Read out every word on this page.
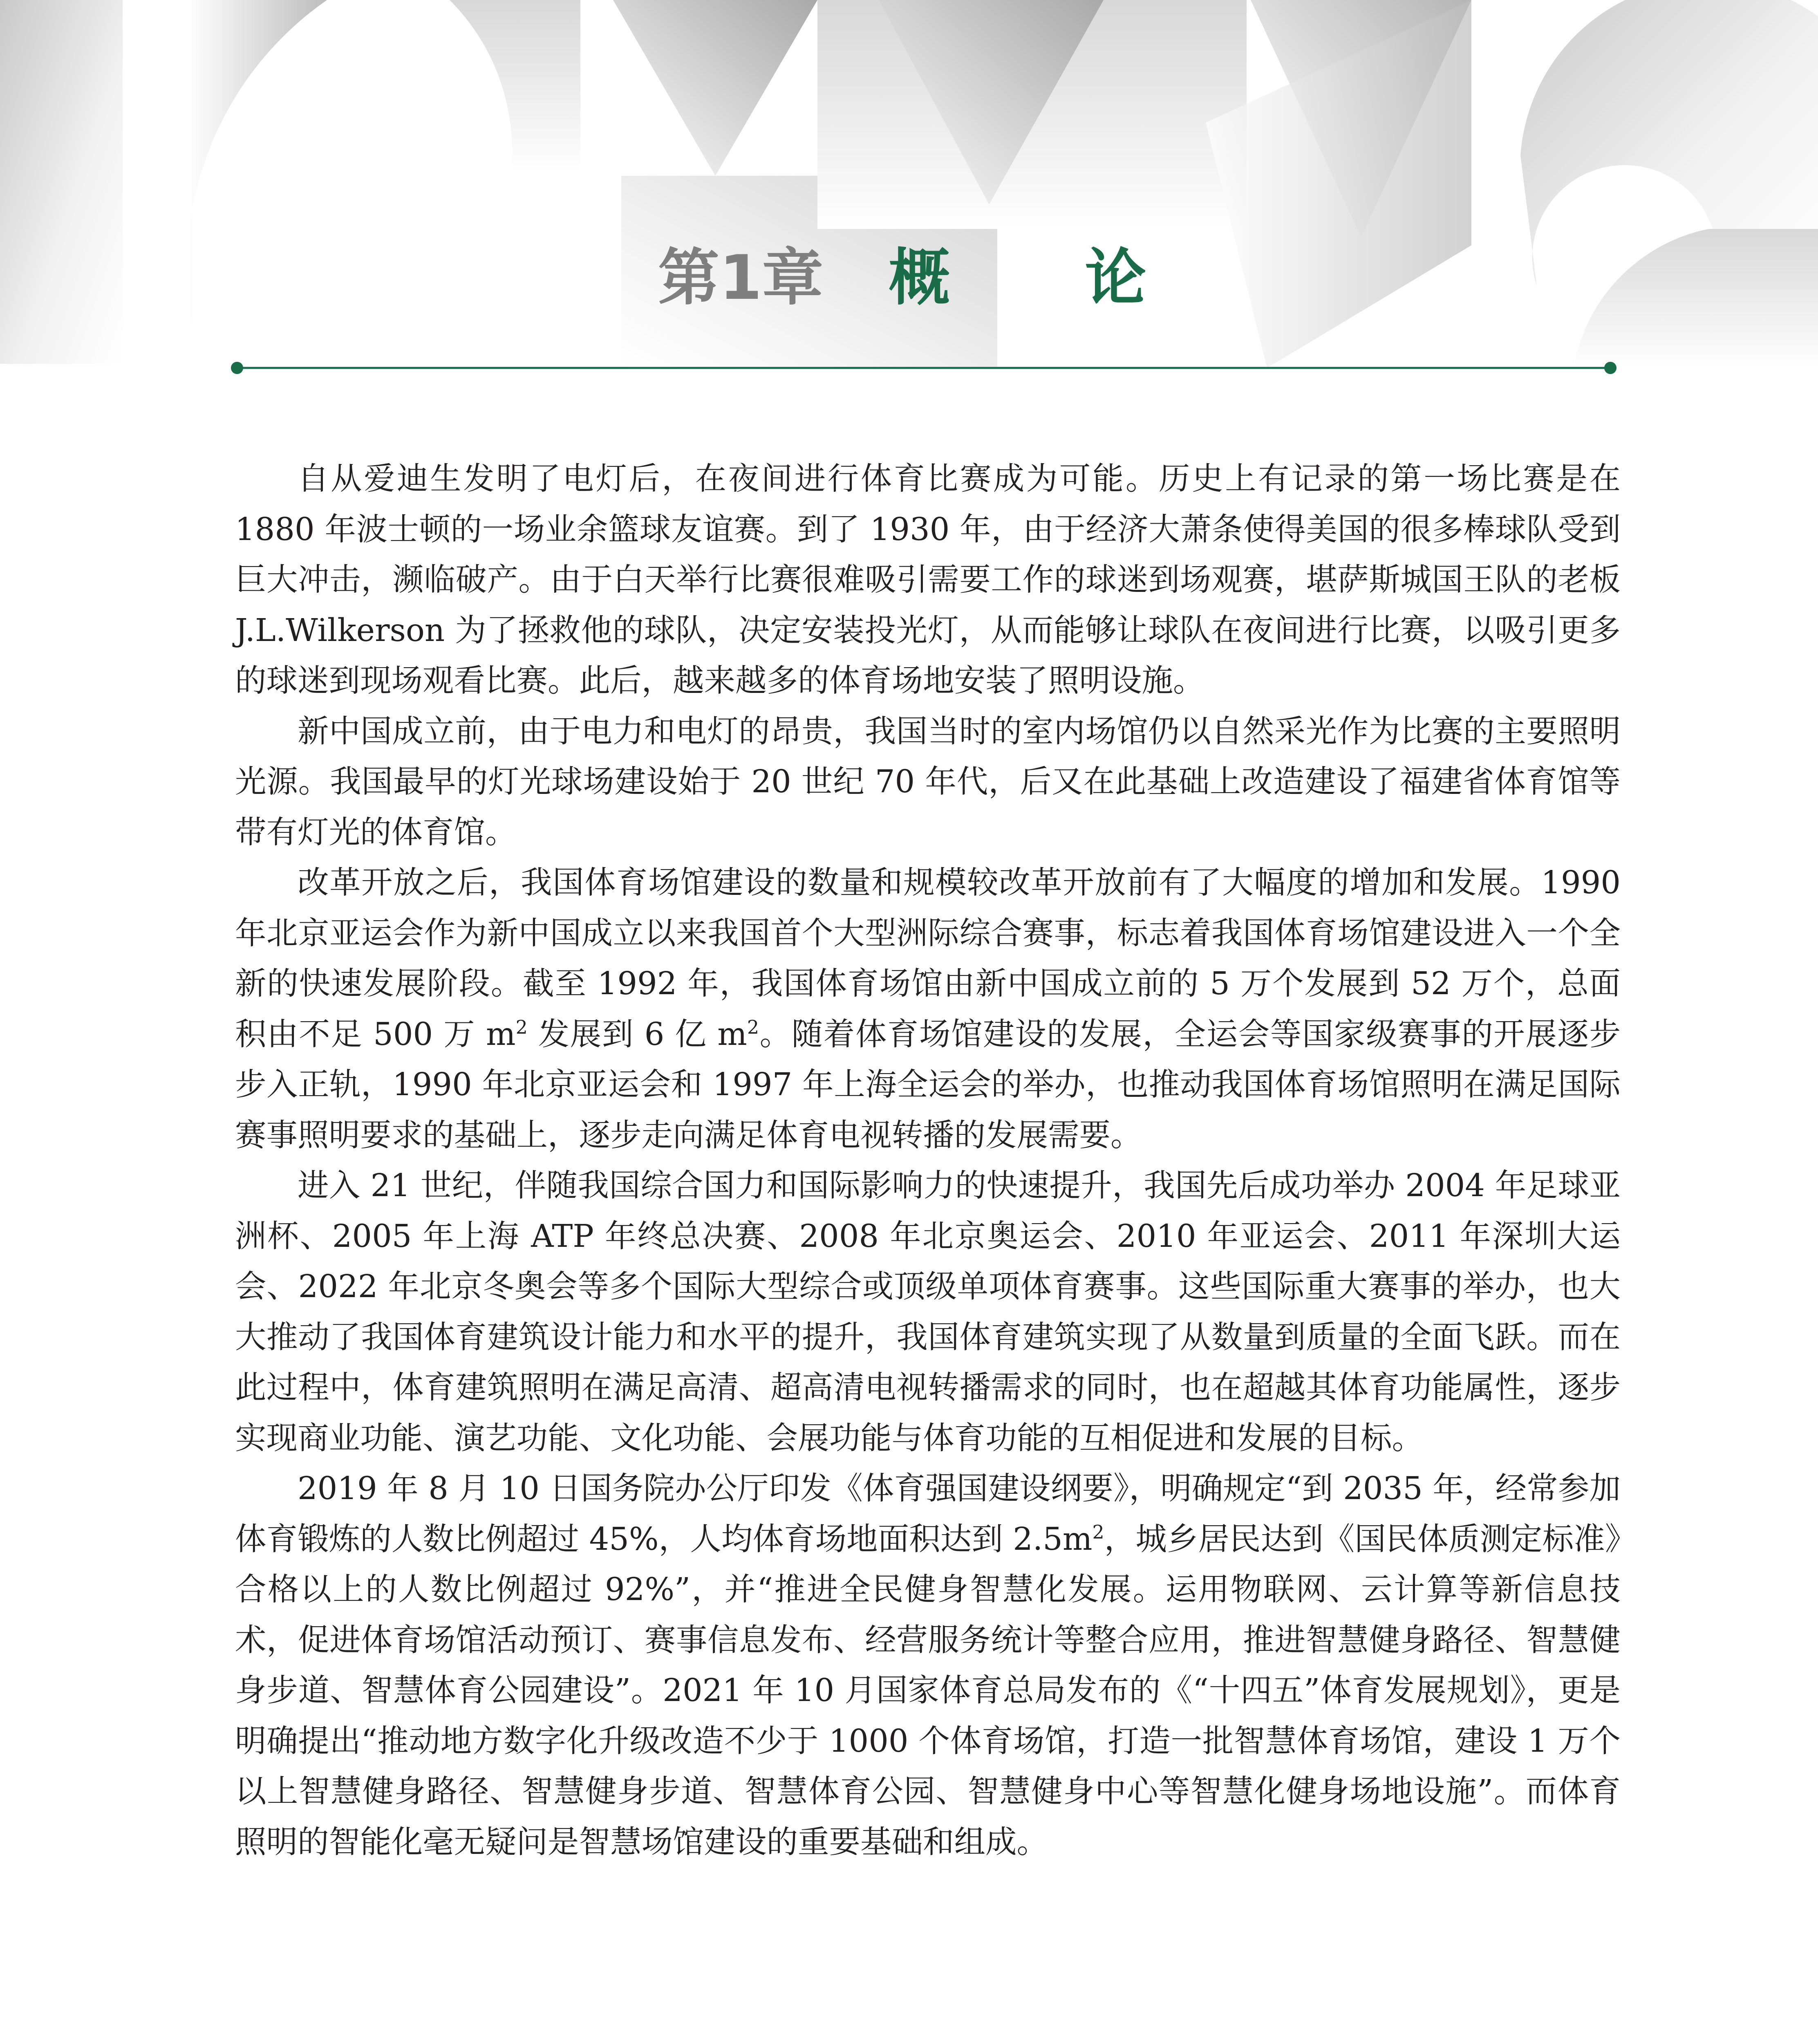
第1章 概 论

自从爱迪生发明了电灯后，在夜间进行体育比赛成为可能。历史上有记录的第一场比赛是在 1880 年波士顿的一场业余篮球友谊赛。到了 1930 年，由于经济大萧条使得美国的很多棒球队受到巨大冲击，濒临破产。由于白天举行比赛很难吸引需要工作的球迷到场观赛，堪萨斯城国王队的老板 J.L.Wilkerson 为了拯救他的球队，决定安装投光灯，从而能够让球队在夜间进行比赛，以吸引更多的球迷到现场观看比赛。此后，越来越多的体育场地安装了照明设施。

新中国成立前，由于电力和电灯的昂贵，我国当时的室内场馆仍以自然采光作为比赛的主要照明光源。我国最早的灯光球场建设始于 20 世纪 70 年代，后又在此基础上改造建设了福建省体育馆等带有灯光的体育馆。

改革开放之后，我国体育场馆建设的数量和规模较改革开放前有了大幅度的增加和发展。1990 年北京亚运会作为新中国成立以来我国首个大型洲际综合赛事，标志着我国体育场馆建设进入一个全新的快速发展阶段。截至 1992 年，我国体育场馆由新中国成立前的 5 万个发展到 52 万个，总面积由不足 500 万 $m^2$ 发展到 6 亿 $m^2$。随着体育场馆建设的发展，全运会等国家级赛事的开展逐步步入正轨，1990 年北京亚运会和 1997 年上海全运会的举办，也推动我国体育场馆照明在满足国际赛事照明要求的基础上，逐步走向满足体育电视转播的发展需要。

进入 21 世纪，伴随我国综合国力和国际影响力的快速提升，我国先后成功举办 2004 年足球亚洲杯、2005 年上海 ATP 年终总决赛、2008 年北京奥运会、2010 年亚运会、2011 年深圳大运会、2022 年北京冬奥会等多个国际大型综合或顶级单项体育赛事。这些国际重大赛事的举办，也大大推动了我国体育建筑设计能力和水平的提升，我国体育建筑实现了从数量到质量的全面飞跃。而在此过程中，体育建筑照明在满足高清、超高清电视转播需求的同时，也在超越其体育功能属性，逐步实现商业功能、演艺功能、文化功能、会展功能与体育功能的互相促进和发展的目标。

2019 年 8 月 10 日国务院办公厅印发《体育强国建设纲要》，明确规定“到 2035 年，经常参加体育锻炼的人数比例超过 45%，人均体育场地面积达到 $2.5m^2$，城乡居民达到《国民体质测定标准》合格以上的人数比例超过 92%”，并“推进全民健身智慧化发展。运用物联网、云计算等新信息技术，促进体育场馆活动预订、赛事信息发布、经营服务统计等整合应用，推进智慧健身路径、智慧健身步道、智慧体育公园建设”。2021 年 10 月国家体育总局发布的《“十四五”体育发展规划》，更是明确提出“推动地方数字化升级改造不少于 1000 个体育场馆，打造一批智慧体育场馆，建设 1 万个以上智慧健身路径、智慧健身步道、智慧体育公园、智慧健身中心等智慧化健身场地设施”。而体育照明的智能化毫无疑问是智慧场馆建设的重要基础和组成。
